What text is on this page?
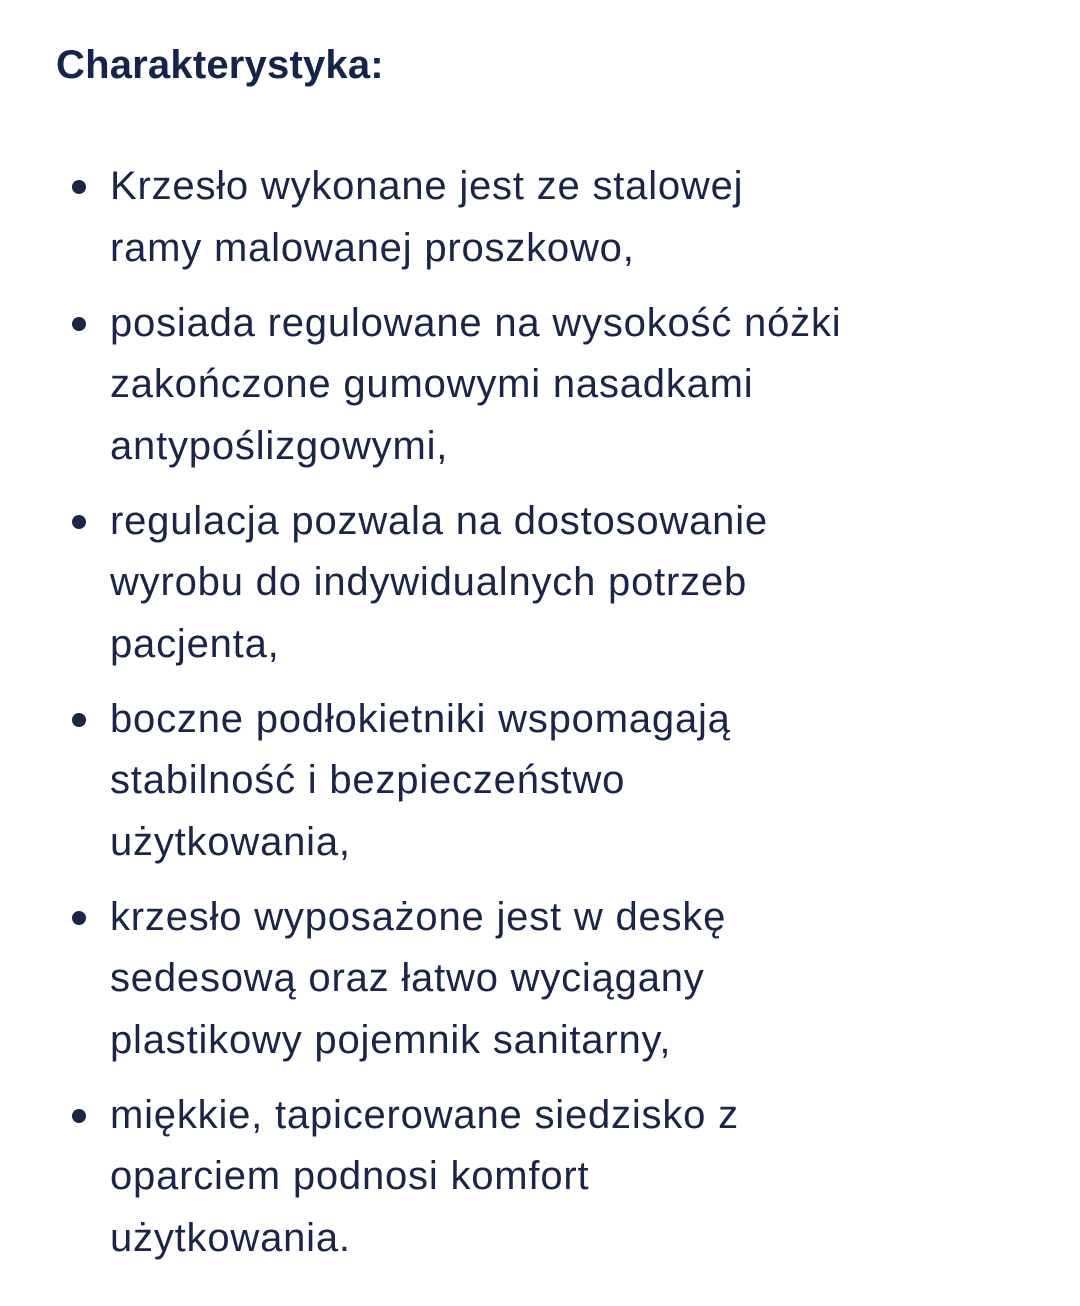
Charakterystyka:
Krzesło wykonane jest ze stalowej
ramy malowanej proszkowo,
posiada regulowane na wysokość nóżki
zakończone gumowymi nasadkami
antypoślizgowymi,
regulacja pozwala na dostosowanie
wyrobu do indywidualnych potrzeb
pacjenta,
boczne podłokietniki wspomagają
stabilność i bezpieczeństwo
użytkowania,
krzesło wyposażone jest w deskę
sedesową oraz łatwo wyciągany
plastikowy pojemnik sanitarny,
miękkie, tapicerowane siedzisko z
oparciem podnosi komfort
użytkowania.
